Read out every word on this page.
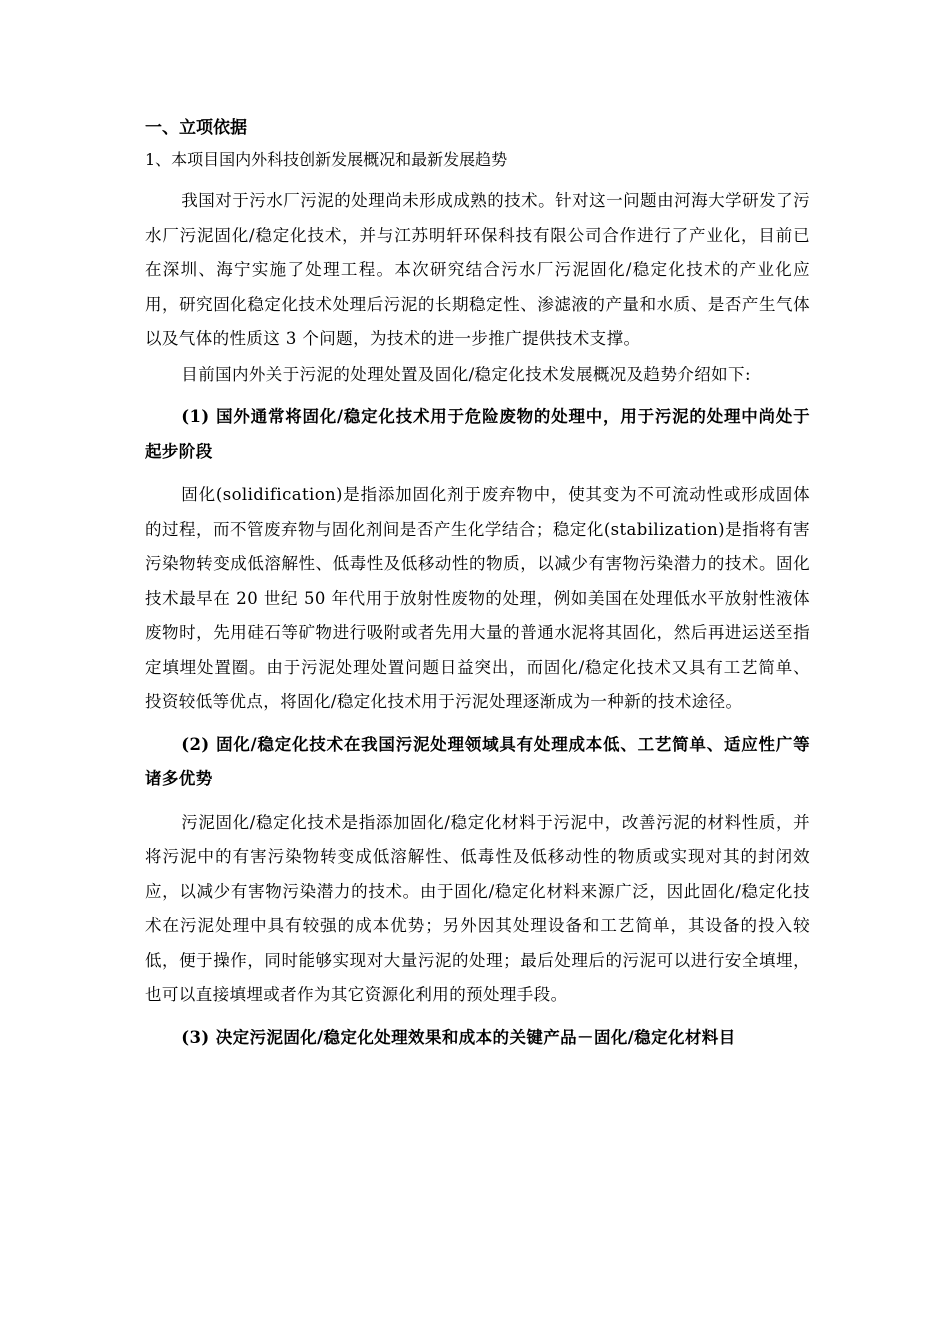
一、立项依据
1、本项目国内外科技创新发展概况和最新发展趋势

我国对于污水厂污泥的处理尚未形成成熟的技术。针对这一问题由河海大学研发了污水厂污泥固化/稳定化技术，并与江苏明轩环保科技有限公司合作进行了产业化，目前已在深圳、海宁实施了处理工程。本次研究结合污水厂污泥固化/稳定化技术的产业化应用，研究固化稳定化技术处理后污泥的长期稳定性、渗滤液的产量和水质、是否产生气体以及气体的性质这 3 个问题，为技术的进一步推广提供技术支撑。

目前国内外关于污泥的处理处置及固化/稳定化技术发展概况及趋势介绍如下:

(1) 国外通常将固化/稳定化技术用于危险废物的处理中，用于污泥的处理中尚处于起步阶段

固化(solidification)是指添加固化剂于废弃物中，使其变为不可流动性或形成固体的过程，而不管废弃物与固化剂间是否产生化学结合；稳定化(stabilization)是指将有害污染物转变成低溶解性、低毒性及低移动性的物质，以减少有害物污染潜力的技术。固化技术最早在 20 世纪 50 年代用于放射性废物的处理，例如美国在处理低水平放射性液体废物时，先用硅石等矿物进行吸附或者先用大量的普通水泥将其固化，然后再进运送至指定填埋处置圈。由于污泥处理处置问题日益突出，而固化/稳定化技术又具有工艺简单、投资较低等优点，将固化/稳定化技术用于污泥处理逐渐成为一种新的技术途径。

(2) 固化/稳定化技术在我国污泥处理领域具有处理成本低、工艺简单、适应性广等诸多优势

污泥固化/稳定化技术是指添加固化/稳定化材料于污泥中，改善污泥的材料性质，并将污泥中的有害污染物转变成低溶解性、低毒性及低移动性的物质或实现对其的封闭效应，以减少有害物污染潜力的技术。由于固化/稳定化材料来源广泛，因此固化/稳定化技术在污泥处理中具有较强的成本优势；另外因其处理设备和工艺简单，其设备的投入较低，便于操作，同时能够实现对大量污泥的处理；最后处理后的污泥可以进行安全填埋，也可以直接填埋或者作为其它资源化利用的预处理手段。

(3) 决定污泥固化/稳定化处理效果和成本的关键产品－固化/稳定化材料目
